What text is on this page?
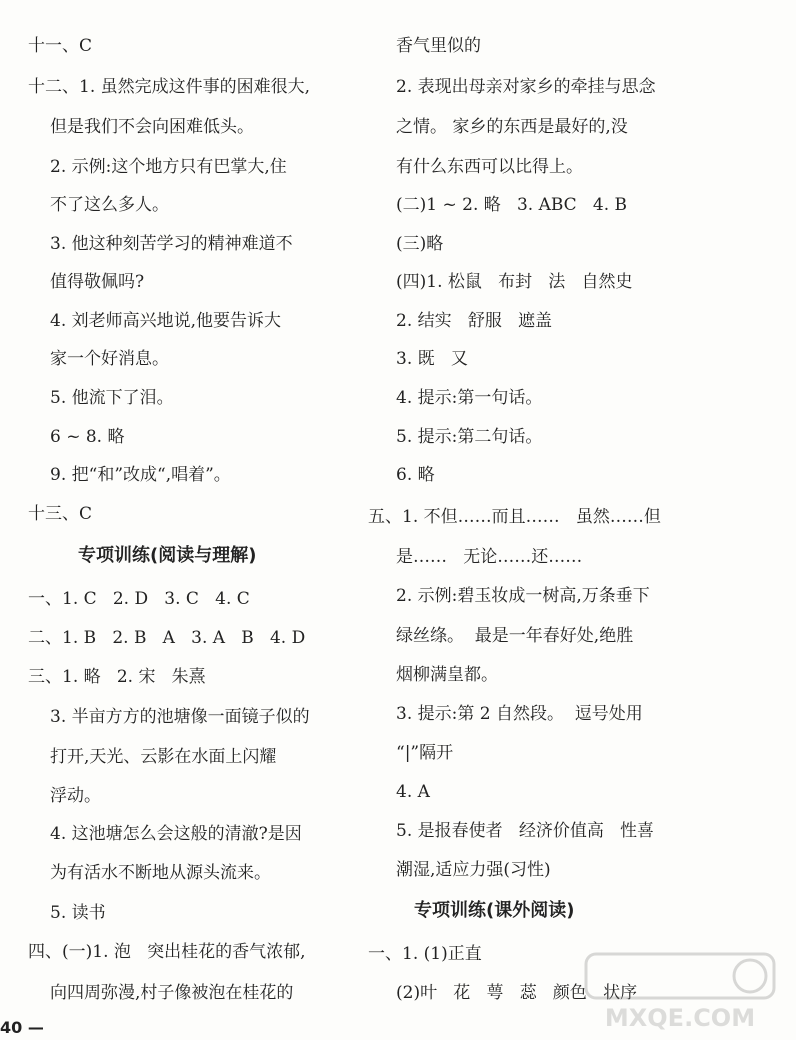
十一、C
十二、1. 虽然完成这件事的困难很大,
但是我们不会向困难低头。
2. 示例:这个地方只有巴掌大,住
不了这么多人。
3. 他这种刻苦学习的精神难道不
值得敬佩吗?
4. 刘老师高兴地说,他要告诉大
家一个好消息。
5. 他流下了泪。
6 ~ 8. 略
9. 把“和”改成“,唱着”。
十三、C
专项训练(阅读与理解)
一、1. C   2. D   3. C   4. C
二、1. B   2. B   A   3. A   B   4. D
三、1. 略   2. 宋   朱熹
3. 半亩方方的池塘像一面镜子似的
打开,天光、云影在水面上闪耀
浮动。
4. 这池塘怎么会这般的清澈?是因
为有活水不断地从源头流来。
5. 读书
四、(一)1. 泡   突出桂花的香气浓郁,
向四周弥漫,村子像被泡在桂花的
香气里似的
2. 表现出母亲对家乡的牵挂与思念
之情。 家乡的东西是最好的,没
有什么东西可以比得上。
(二)1 ~ 2. 略   3. ABC   4. B
(三)略
(四)1. 松鼠   布封   法   自然史
2. 结实   舒服   遮盖
3. 既   又
4. 提示:第一句话。
5. 提示:第二句话。
6. 略
五、1. 不但……而且……   虽然……但
是……   无论……还……
2. 示例:碧玉妆成一树高,万条垂下
绿丝绦。  最是一年春好处,绝胜
烟柳满皇都。
3. 提示:第 2 自然段。  逗号处用
“|”隔开
4. A
5. 是报春使者   经济价值高   性喜
潮湿,适应力强(习性)
专项训练(课外阅读)
一、1. (1)正直
(2)叶   花   萼   蕊   颜色   状序
40 —	MXQE.COM
